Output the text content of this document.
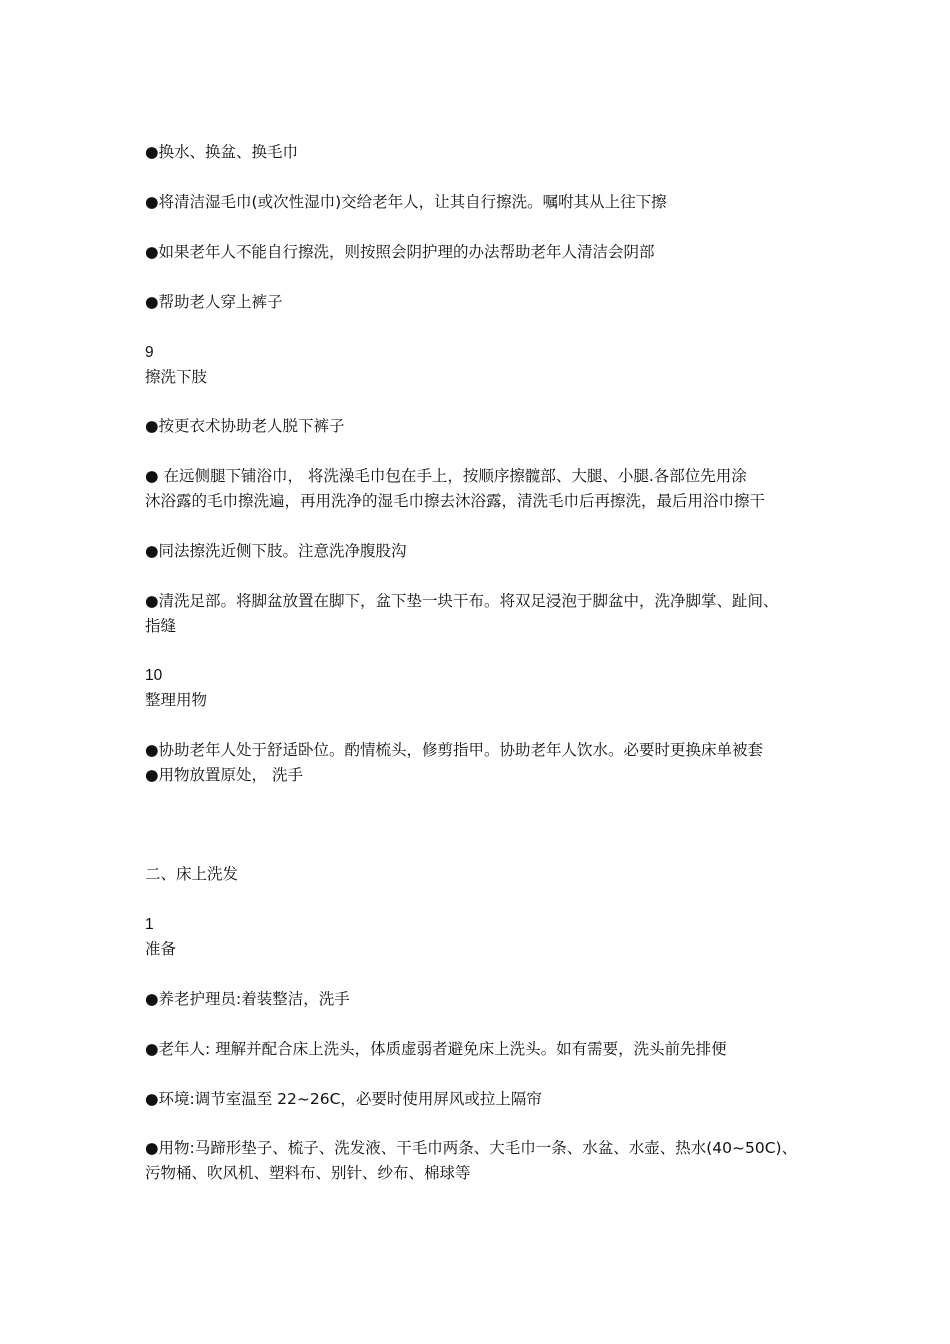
●换水、换盆、换毛巾
●将清洁湿毛巾(或次性湿巾)交给老年人，让其自行擦洗。嘱咐其从上往下擦
●如果老年人不能自行擦洗，则按照会阴护理的办法帮助老年人清洁会阴部
●帮助老人穿上裤子
9
擦洗下肢
●按更衣术协助老人脱下裤子
● 在远侧腿下铺浴巾， 将洗澡毛巾包在手上，按顺序擦髋部、大腿、小腿.各部位先用涂
沐浴露的毛巾擦洗遍，再用洗净的湿毛巾擦去沐浴露，清洗毛巾后再擦洗，最后用浴巾擦干
●同法擦洗近侧下肢。注意洗净腹股沟
●清洗足部。将脚盆放置在脚下，盆下垫一块干布。将双足浸泡于脚盆中，洗净脚掌、趾间、
指缝
10
整理用物
●协助老年人处于舒适卧位。酌情梳头，修剪指甲。协助老年人饮水。必要时更换床单被套
●用物放置原处， 洗手
二、床上洗发
1
准备
●养老护理员:着装整洁，洗手
●老年人: 理解并配合床上洗头，体质虚弱者避免床上洗头。如有需要，洗头前先排便
●环境:调节室温至 22~26C，必要时使用屏风或拉上隔帘
●用物:马蹄形垫子、梳子、洗发液、干毛巾两条、大毛巾一条、水盆、水壶、热水(40~50C)、
污物桶、吹风机、塑料布、别针、纱布、棉球等
